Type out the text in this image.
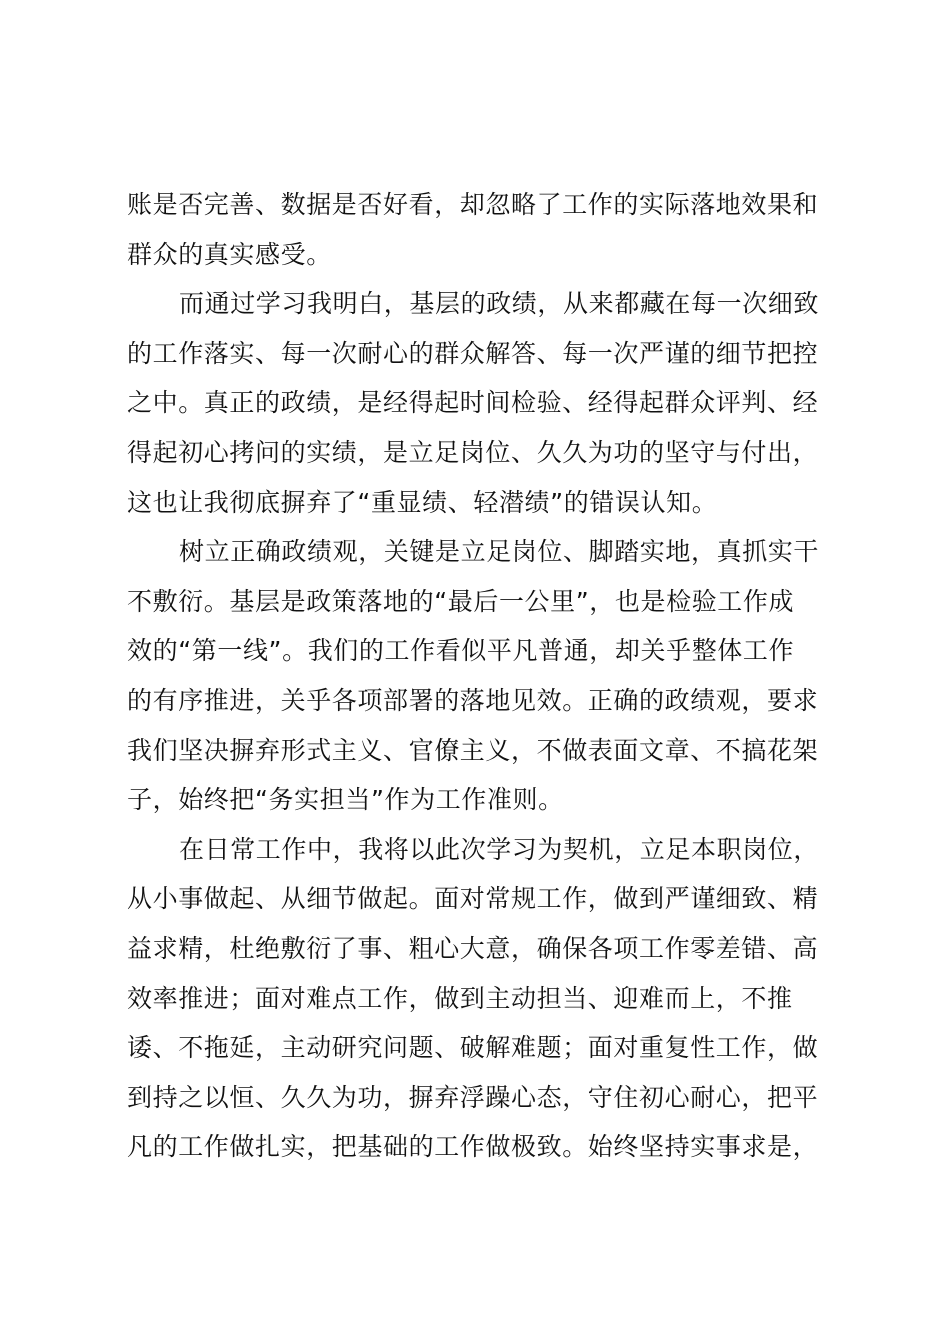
账是否完善、数据是否好看，却忽略了工作的实际落地效果和
群众的真实感受。
而通过学习我明白，基层的政绩，从来都藏在每一次细致
的工作落实、每一次耐心的群众解答、每一次严谨的细节把控
之中。真正的政绩，是经得起时间检验、经得起群众评判、经
得起初心拷问的实绩，是立足岗位、久久为功的坚守与付出，
这也让我彻底摒弃了“重显绩、轻潜绩”的错误认知。
树立正确政绩观，关键是立足岗位、脚踏实地，真抓实干
不敷衍。基层是政策落地的“最后一公里”，也是检验工作成
效的“第一线”。我们的工作看似平凡普通，却关乎整体工作
的有序推进，关乎各项部署的落地见效。正确的政绩观，要求
我们坚决摒弃形式主义、官僚主义，不做表面文章、不搞花架
子，始终把“务实担当”作为工作准则。
在日常工作中，我将以此次学习为契机，立足本职岗位，
从小事做起、从细节做起。面对常规工作，做到严谨细致、精
益求精，杜绝敷衍了事、粗心大意，确保各项工作零差错、高
效率推进；面对难点工作，做到主动担当、迎难而上，不推
诿、不拖延，主动研究问题、破解难题；面对重复性工作，做
到持之以恒、久久为功，摒弃浮躁心态，守住初心耐心，把平
凡的工作做扎实，把基础的工作做极致。始终坚持实事求是，
